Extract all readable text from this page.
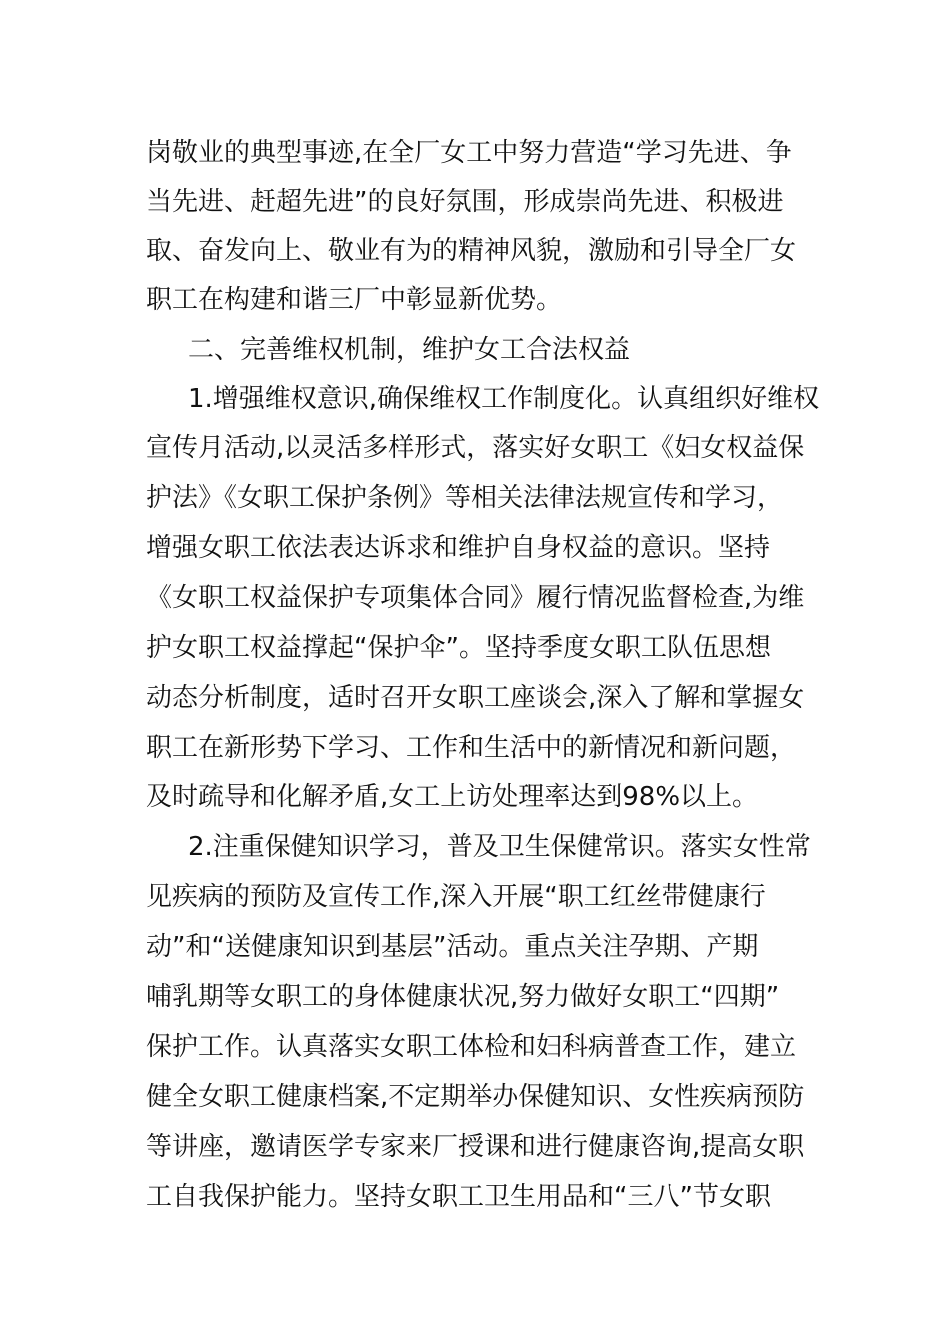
岗敬业的典型事迹,在全厂女工中努力营造“学习先进、争
当先进、赶超先进”的良好氛围，形成崇尚先进、积极进
取、奋发向上、敬业有为的精神风貌，激励和引导全厂女
职工在构建和谐三厂中彰显新优势。
二、完善维权机制，维护女工合法权益
1.增强维权意识,确保维权工作制度化。认真组织好维权
宣传月活动,以灵活多样形式，落实好女职工《妇女权益保
护法》《女职工保护条例》等相关法律法规宣传和学习，
增强女职工依法表达诉求和维护自身权益的意识。坚持
《女职工权益保护专项集体合同》履行情况监督检查,为维
护女职工权益撑起“保护伞”。坚持季度女职工队伍思想
动态分析制度，适时召开女职工座谈会,深入了解和掌握女
职工在新形势下学习、工作和生活中的新情况和新问题，
及时疏导和化解矛盾,女工上访处理率达到98%以上。
2.注重保健知识学习，普及卫生保健常识。落实女性常
见疾病的预防及宣传工作,深入开展“职工红丝带健康行
动”和“送健康知识到基层”活动。重点关注孕期、产期
哺乳期等女职工的身体健康状况,努力做好女职工“四期”
保护工作。认真落实女职工体检和妇科病普查工作，建立
健全女职工健康档案,不定期举办保健知识、女性疾病预防
等讲座，邀请医学专家来厂授课和进行健康咨询,提高女职
工自我保护能力。坚持女职工卫生用品和“三八”节女职
